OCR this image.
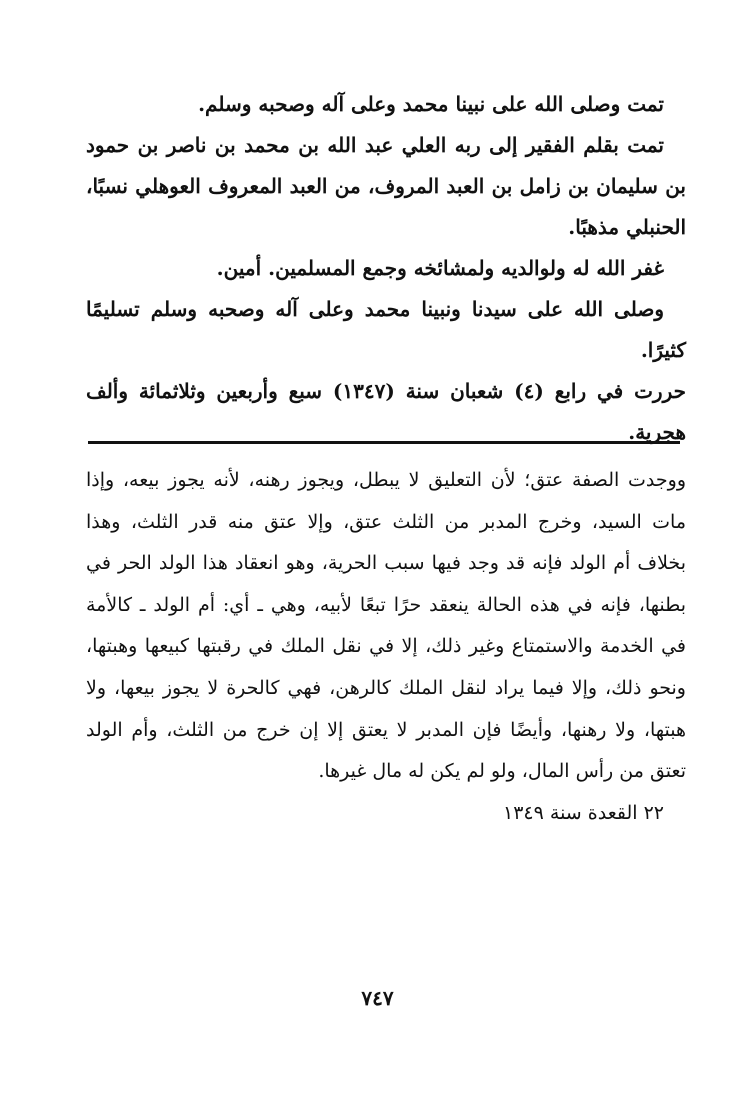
تمت وصلى الله على نبينا محمد وعلى آله وصحبه وسلم.

تمت بقلم الفقير إلى ربه العلي عبد الله بن محمد بن ناصر بن حمود بن سليمان بن زامل بن العبد المروف، من العبد المعروف العوهلي نسبًا، الحنبلي مذهبًا.

غفر الله له ولوالديه ولمشائخه وجمع المسلمين. أمين.

وصلى الله على سيدنا ونبينا محمد وعلى آله وصحبه وسلم تسليمًا كثيرًا.

حررت في رابع (٤) شعبان سنة (١٣٤٧) سبع وأربعين وثلاثمائة وألف هجرية.

ووجدت الصفة عتق؛ لأن التعليق لا يبطل، ويجوز رهنه، لأنه يجوز بيعه، وإذا مات السيد، وخرج المدبر من الثلث عتق، وإلا عتق منه قدر الثلث، وهذا بخلاف أم الولد فإنه قد وجد فيها سبب الحرية، وهو انعقاد هذا الولد الحر في بطنها، فإنه في هذه الحالة ينعقد حرًا تبعًا لأبيه، وهي ـ أي: أم الولد ـ كالأمة في الخدمة والاستمتاع وغير ذلك، إلا في نقل الملك في رقبتها كبيعها وهبتها، ونحو ذلك، وإلا فيما يراد لنقل الملك كالرهن، فهي كالحرة لا يجوز بيعها، ولا هبتها، ولا رهنها، وأيضًا فإن المدبر لا يعتق إلا إن خرج من الثلث، وأم الولد تعتق من رأس المال، ولو لم يكن له مال غيرها.

٢٢ القعدة سنة ١٣٤٩

٧٤٧
